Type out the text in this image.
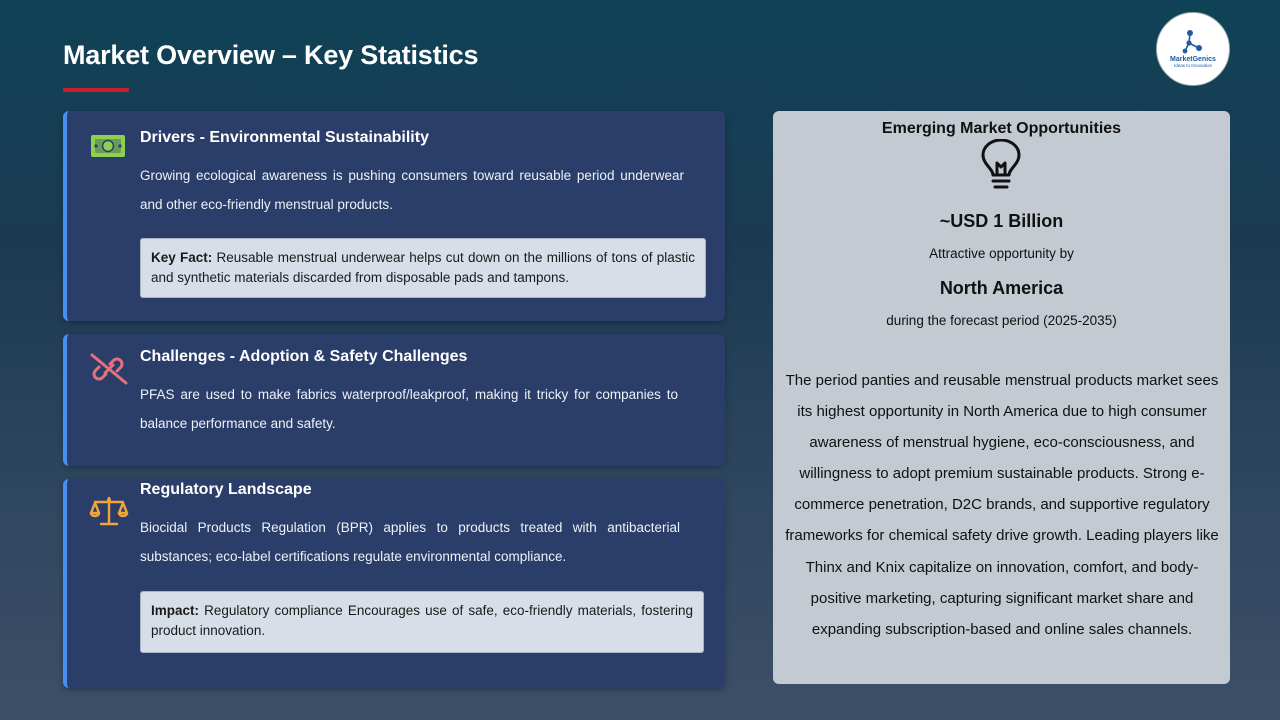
Market Overview – Key Statistics	MarketGenics
Ideas to Innovation
Drivers - Environmental Sustainability
Growing ecological awareness is pushing consumers toward reusable period underwear and other eco-friendly menstrual products.
Key Fact: Reusable menstrual underwear helps cut down on the millions of tons of plastic and synthetic materials discarded from disposable pads and tampons.
Challenges - Adoption & Safety Challenges
PFAS are used to make fabrics waterproof/leakproof, making it tricky for companies to balance performance and safety.
Regulatory Landscape
Biocidal Products Regulation (BPR) applies to products treated with antibacterial substances; eco-label certifications regulate environmental compliance.
Impact: Regulatory compliance Encourages use of safe, eco-friendly materials, fostering product innovation.
Emerging Market Opportunities
~USD 1 Billion
Attractive opportunity by
North America
during the forecast period (2025-2035)
The period panties and reusable menstrual products market sees its highest opportunity in North America due to high consumer awareness of menstrual hygiene, eco-consciousness, and willingness to adopt premium sustainable products. Strong e-commerce penetration, D2C brands, and supportive regulatory frameworks for chemical safety drive growth. Leading players like Thinx and Knix capitalize on innovation, comfort, and body-positive marketing, capturing significant market share and expanding subscription-based and online sales channels.
